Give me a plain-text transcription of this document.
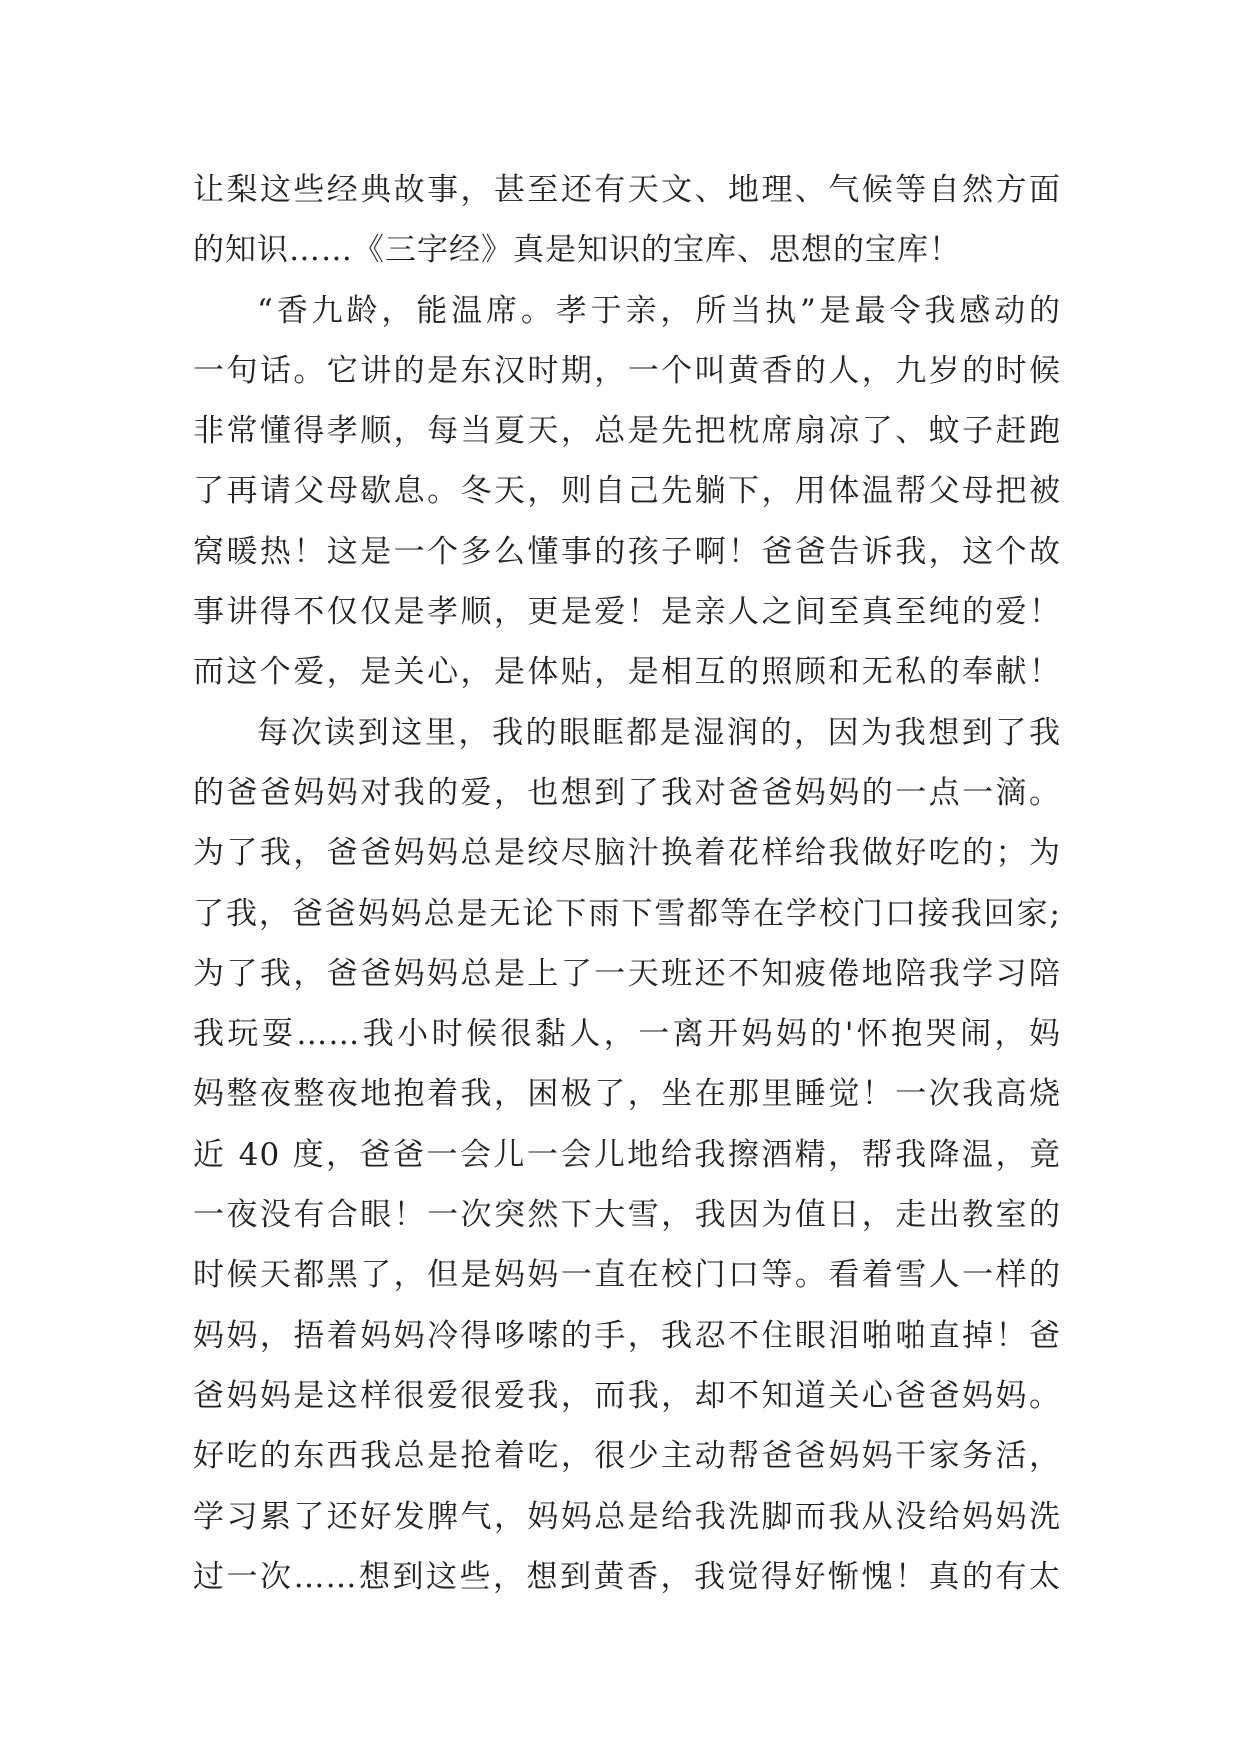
让梨这些经典故事，甚至还有天文、地理、气候等自然方面
的知识……《三字经》真是知识的宝库、思想的宝库！
“香九龄，能温席。孝于亲，所当执”是最令我感动的
一句话。它讲的是东汉时期，一个叫黄香的人，九岁的时候
非常懂得孝顺，每当夏天，总是先把枕席扇凉了、蚊子赶跑
了再请父母歇息。冬天，则自己先躺下，用体温帮父母把被
窝暖热！这是一个多么懂事的孩子啊！爸爸告诉我，这个故
事讲得不仅仅是孝顺，更是爱！是亲人之间至真至纯的爱！
而这个爱，是关心，是体贴，是相互的照顾和无私的奉献！
每次读到这里，我的眼眶都是湿润的，因为我想到了我
的爸爸妈妈对我的爱，也想到了我对爸爸妈妈的一点一滴。
为了我，爸爸妈妈总是绞尽脑汁换着花样给我做好吃的；为
了我，爸爸妈妈总是无论下雨下雪都等在学校门口接我回家;
为了我，爸爸妈妈总是上了一天班还不知疲倦地陪我学习陪
我玩耍……我小时候很黏人，一离开妈妈的'怀抱哭闹，妈
妈整夜整夜地抱着我，困极了，坐在那里睡觉！一次我高烧
近 40 度，爸爸一会儿一会儿地给我擦酒精，帮我降温，竟
一夜没有合眼！一次突然下大雪，我因为值日，走出教室的
时候天都黑了，但是妈妈一直在校门口等。看着雪人一样的
妈妈，捂着妈妈冷得哆嗦的手，我忍不住眼泪啪啪直掉！爸
爸妈妈是这样很爱很爱我，而我，却不知道关心爸爸妈妈。
好吃的东西我总是抢着吃，很少主动帮爸爸妈妈干家务活，
学习累了还好发脾气，妈妈总是给我洗脚而我从没给妈妈洗
过一次……想到这些，想到黄香，我觉得好惭愧！真的有太
